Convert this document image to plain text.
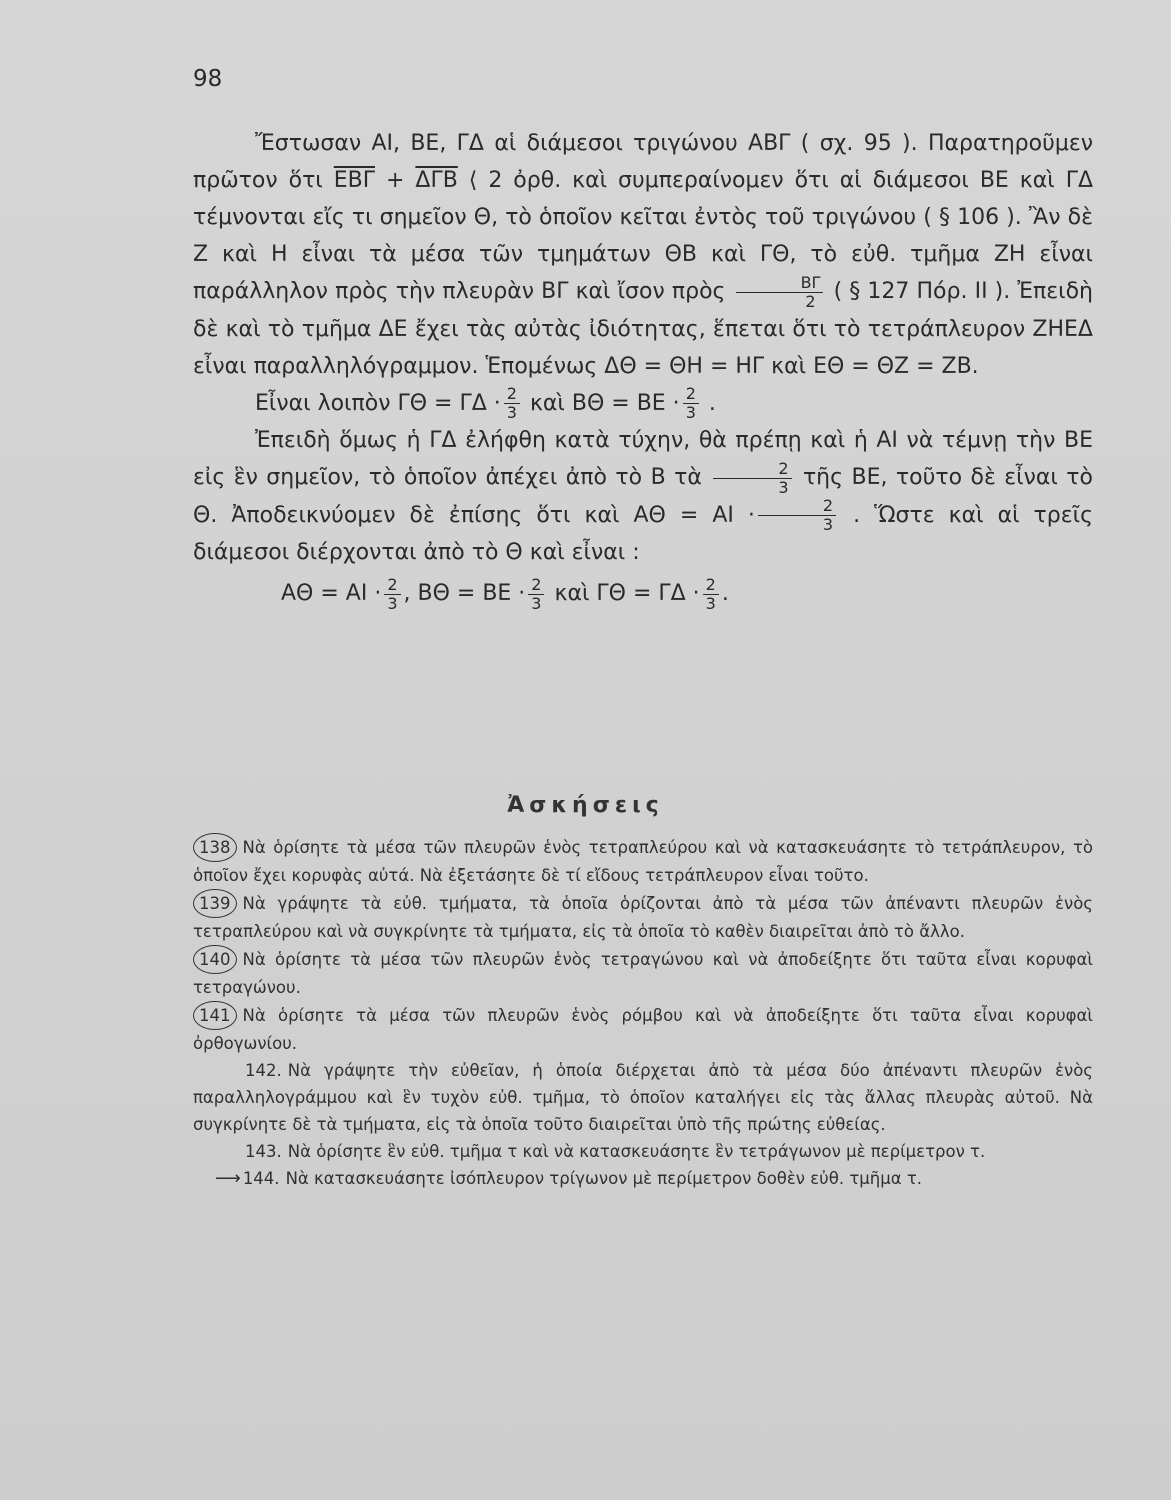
98

Ἔστωσαν ΑΙ, ΒΕ, ΓΔ αἱ διάμεσοι τριγώνου ΑΒΓ ( σχ. 95 ). Παρατηροῦμεν πρῶτον ὅτι $\overline{EB\Gamma} + \overline{\Delta\Gamma B}$ ⟨ 2 ὀρθ. καὶ συμπεραίνομεν ὅτι αἱ διάμεσοι ΒΕ καὶ ΓΔ τέμνονται εἴς τι σημεῖον Θ, τὸ ὁποῖον κεῖται ἐντὸς τοῦ τριγώνου ( § 106 ). Ἂν δὲ Ζ καὶ Η εἶναι τὰ μέσα τῶν τμημάτων ΘΒ καὶ ΓΘ, τὸ εὐθ. τμῆμα ΖΗ εἶναι παράλληλον πρὸς τὴν πλευρὰν ΒΓ καὶ ἴσον πρὸς $\frac{B\Gamma}{2}$ ( § 127 Πόρ. ΙΙ ). Ἐπειδὴ δὲ καὶ τὸ τμῆμα ΔΕ ἔχει τὰς αὐτὰς ἰδιότητας, ἕπεται ὅτι τὸ τετράπλευρον ΖΗΕΔ εἶναι παραλληλόγραμμον. Ἑπομένως ΔΘ = ΘΗ = ΗΓ καὶ ΕΘ = ΘΖ = ΖΒ.

Εἶναι λοιπὸν $\Gamma\Theta = \Gamma\Delta \cdot \frac{2}{3}$ καὶ $B\Theta = BE \cdot \frac{2}{3}$ .

Ἐπειδὴ ὅμως ἡ ΓΔ ἐλήφθη κατὰ τύχην, θὰ πρέπῃ καὶ ἡ ΑΙ νὰ τέμνῃ τὴν ΒΕ εἰς ἓν σημεῖον, τὸ ὁποῖον ἀπέχει ἀπὸ τὸ Β τὰ $\frac{2}{3}$ τῆς ΒΕ, τοῦτο δὲ εἶναι τὸ Θ. Ἀποδεικνύομεν δὲ ἐπίσης ὅτι καὶ $A\Theta = AI \cdot \frac{2}{3}$ . Ὥστε καὶ αἱ τρεῖς διάμεσοι διέρχονται ἀπὸ τὸ Θ καὶ εἶναι :

$A\Theta = AI \cdot \frac{2}{3}$ , $B\Theta = BE \cdot \frac{2}{3}$ καὶ $\Gamma\Theta = \Gamma\Delta \cdot \frac{2}{3}$ .

Ἀσκήσεις

138 Νὰ ὁρίσητε τὰ μέσα τῶν πλευρῶν ἑνὸς τετραπλεύρου καὶ νὰ κατασκευάσητε τὸ τετράπλευρον, τὸ ὁποῖον ἔχει κορυφὰς αὐτά. Νὰ ἐξετάσητε δὲ τί εἴδους τετράπλευρον εἶναι τοῦτο.

139 Νὰ γράψητε τὰ εὐθ. τμήματα, τὰ ὁποῖα ὁρίζονται ἀπὸ τὰ μέσα τῶν ἀπέναντι πλευρῶν ἑνὸς τετραπλεύρου καὶ νὰ συγκρίνητε τὰ τμήματα, εἰς τὰ ὁποῖα τὸ καθὲν διαιρεῖται ἀπὸ τὸ ἄλλο.

140 Νὰ ὁρίσητε τὰ μέσα τῶν πλευρῶν ἑνὸς τετραγώνου καὶ νὰ ἀποδείξητε ὅτι ταῦτα εἶναι κορυφαὶ τετραγώνου.

141 Νὰ ὁρίσητε τὰ μέσα τῶν πλευρῶν ἑνὸς ρόμβου καὶ νὰ ἀποδείξητε ὅτι ταῦτα εἶναι κορυφαὶ ὀρθογωνίου.

142. Νὰ γράψητε τὴν εὐθεῖαν, ἡ ὁποία διέρχεται ἀπὸ τὰ μέσα δύο ἀπέναντι πλευρῶν ἑνὸς παραλληλογράμμου καὶ ἓν τυχὸν εὐθ. τμῆμα, τὸ ὁποῖον καταλήγει εἰς τὰς ἄλλας πλευρὰς αὐτοῦ. Νὰ συγκρίνητε δὲ τὰ τμήματα, εἰς τὰ ὁποῖα τοῦτο διαιρεῖται ὑπὸ τῆς πρώτης εὐθείας.

143. Νὰ ὁρίσητε ἓν εὐθ. τμῆμα τ καὶ νὰ κατασκευάσητε ἓν τετράγωνον μὲ περίμετρον τ.

⟶ 144. Νὰ κατασκευάσητε ἰσόπλευρον τρίγωνον μὲ περίμετρον δοθὲν εὐθ. τμῆμα τ.
